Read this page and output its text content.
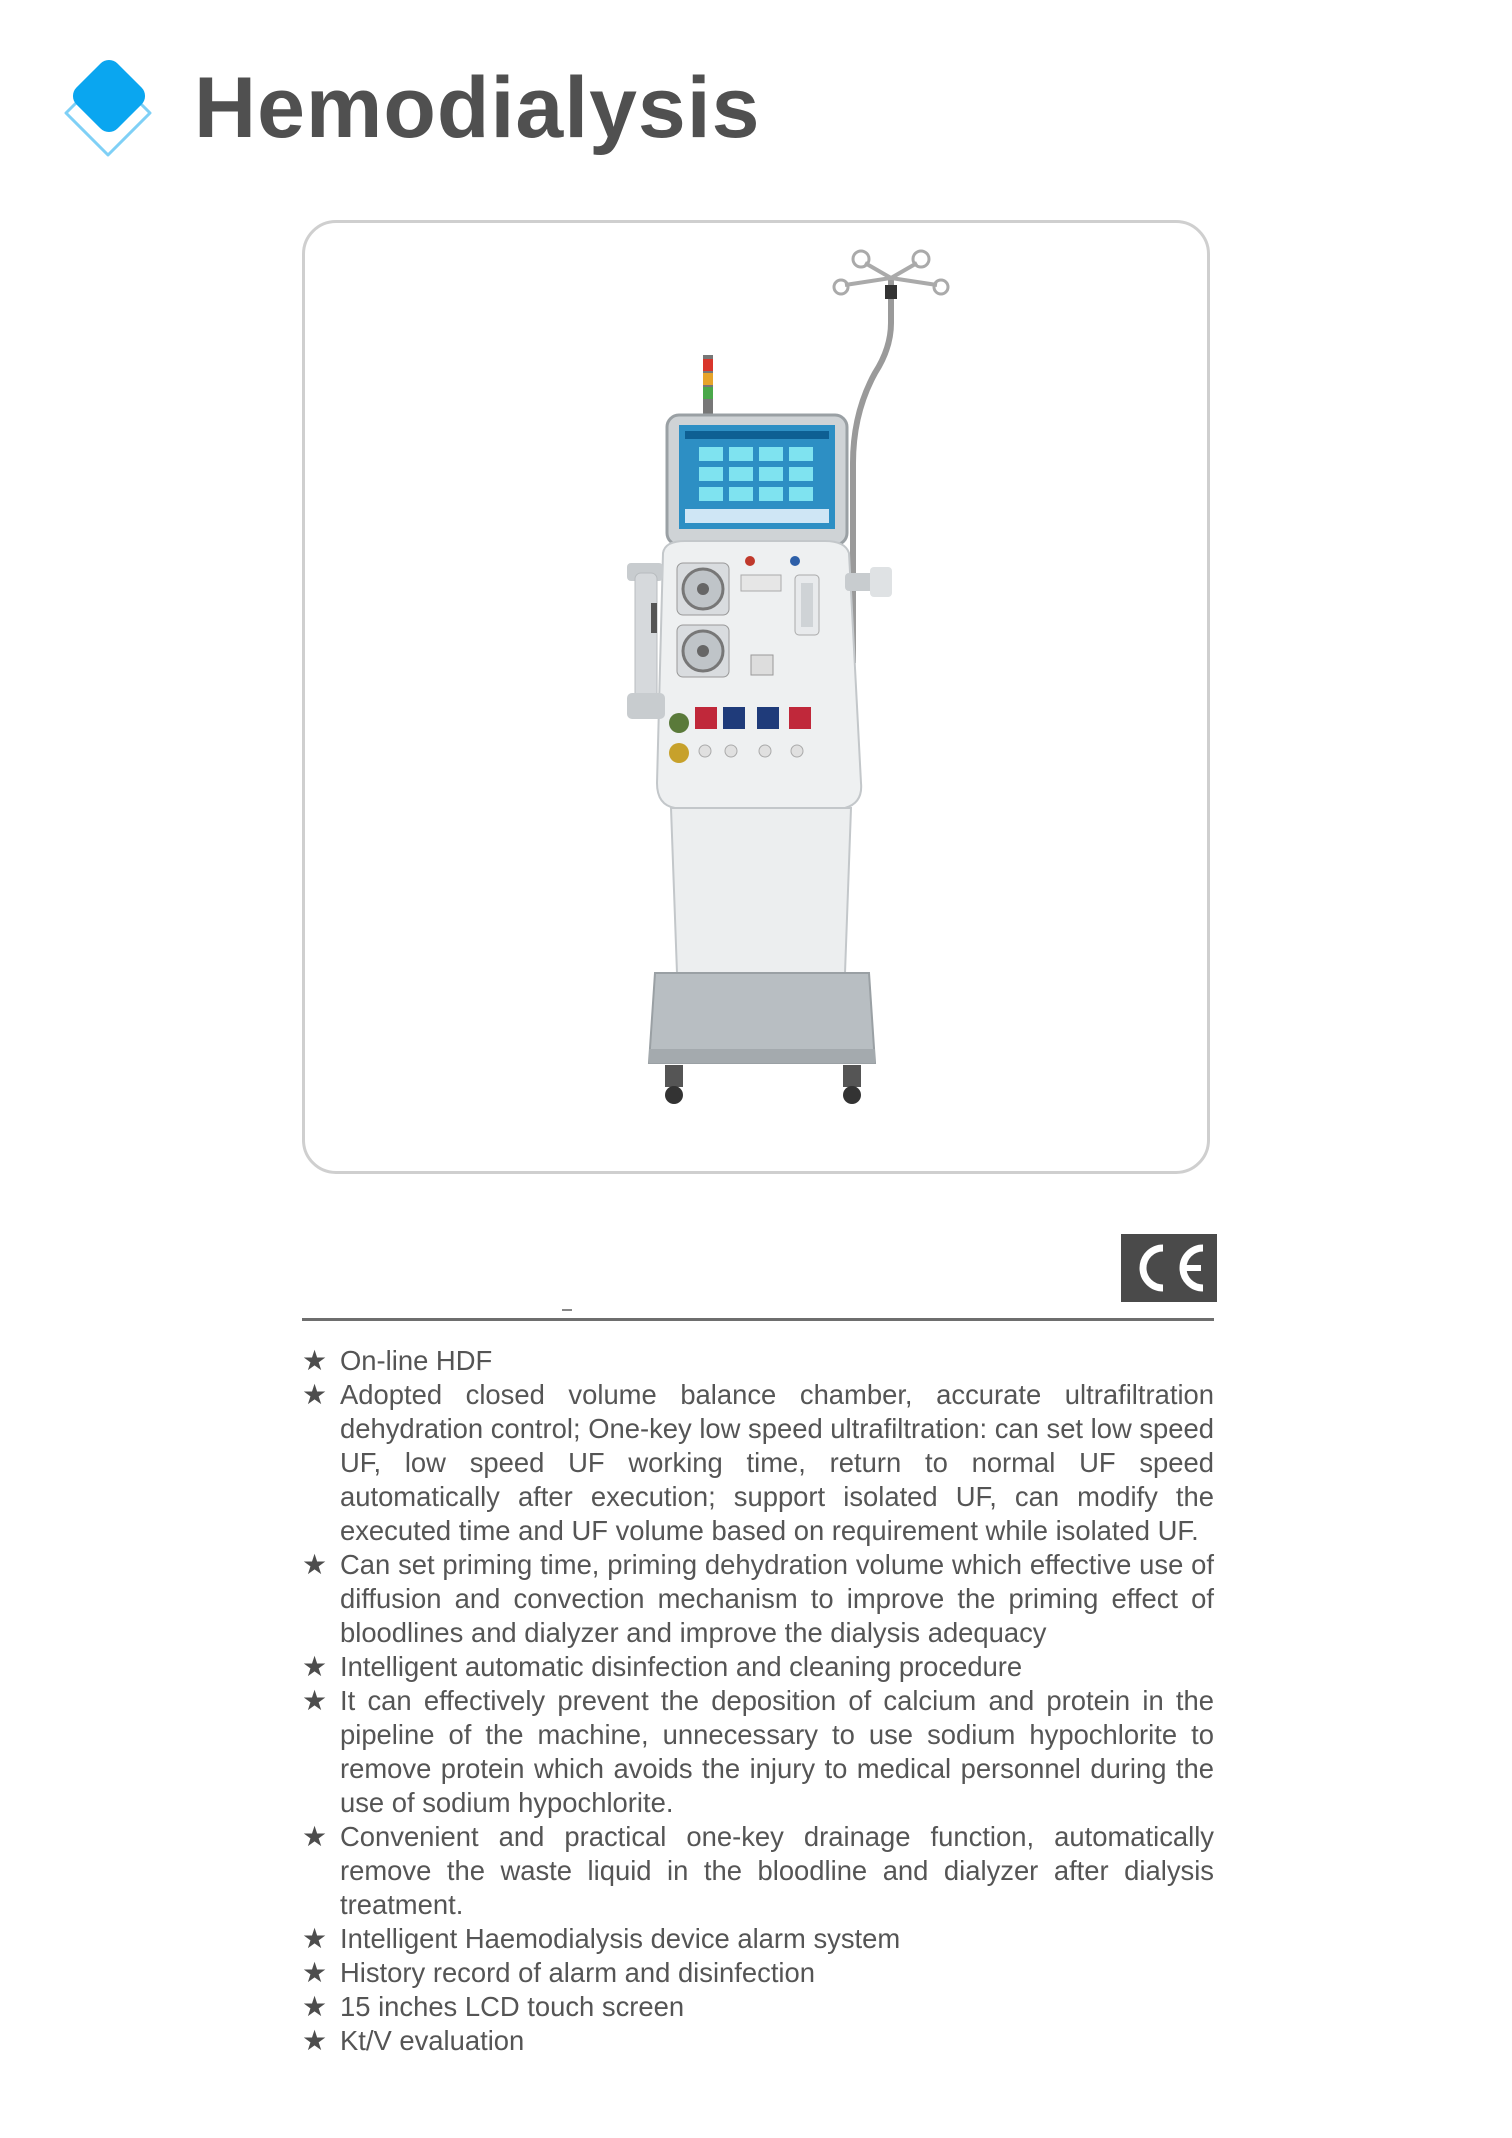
Hemodialysis
★ On-line HDF
★ Adopted closed volume balance chamber, accurate ultrafiltration dehydration control; One-key low speed ultrafiltration: can set low speed UF, low speed UF working time, return to normal UF speed automatically after execution; support isolated UF, can modify the executed time and UF volume based on requirement while isolated UF.
★ Can set priming time, priming dehydration volume which effective use of diffusion and convection mechanism to improve the priming effect of bloodlines and dialyzer and improve the dialysis adequacy
★ Intelligent automatic disinfection and cleaning procedure
★ It can effectively prevent the deposition of calcium and protein in the pipeline of the machine, unnecessary to use sodium hypochlorite to remove protein which avoids the injury to medical personnel during the use of sodium hypochlorite.
★ Convenient and practical one-key drainage function, automatically remove the waste liquid in the bloodline and dialyzer after dialysis treatment.
★ Intelligent Haemodialysis device alarm system
★ History record of alarm and disinfection
★ 15 inches LCD touch screen
★ Kt/V evaluation
